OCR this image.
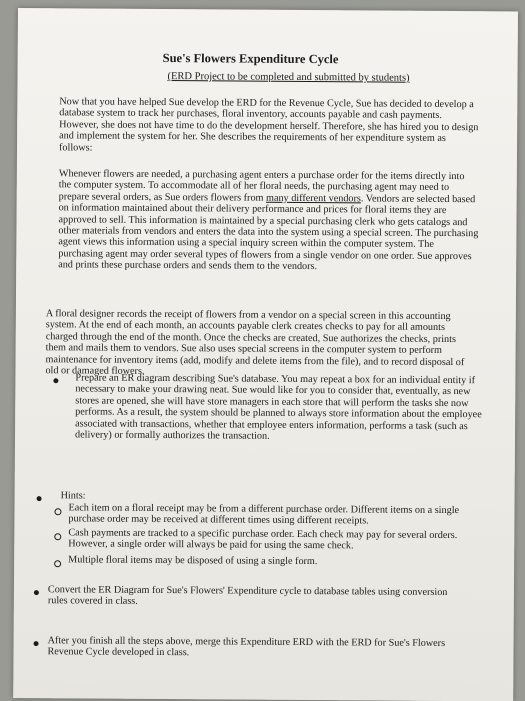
Sue's Flowers Expenditure Cycle
(ERD Project to be completed and submitted by students)

Now that you have helped Sue develop the ERD for the Revenue Cycle, Sue has decided to develop a database system to track her purchases, floral inventory, accounts payable and cash payments. However, she does not have time to do the development herself. Therefore, she has hired you to design and implement the system for her. She describes the requirements of her expenditure system as follows:

Whenever flowers are needed, a purchasing agent enters a purchase order for the items directly into the computer system. To accommodate all of her floral needs, the purchasing agent may need to prepare several orders, as Sue orders flowers from many different vendors. Vendors are selected based on information maintained about their delivery performance and prices for floral items they are approved to sell. This information is maintained by a special purchasing clerk who gets catalogs and other materials from vendors and enters the data into the system using a special screen. The purchasing agent views this information using a special inquiry screen within the computer system. The purchasing agent may order several types of flowers from a single vendor on one order. Sue approves and prints these purchase orders and sends them to the vendors.

A floral designer records the receipt of flowers from a vendor on a special screen in this accounting system. At the end of each month, an accounts payable clerk creates checks to pay for all amounts charged through the end of the month. Once the checks are created, Sue authorizes the checks, prints them and mails them to vendors. Sue also uses special screens in the computer system to perform maintenance for inventory items (add, modify and delete items from the file), and to record disposal of old or damaged flowers.

Prepare an ER diagram describing Sue's database. You may repeat a box for an individual entity if necessary to make your drawing neat. Sue would like for you to consider that, eventually, as new stores are opened, she will have store managers in each store that will perform the tasks she now performs. As a result, the system should be planned to always store information about the employee associated with transactions, whether that employee enters information, performs a task (such as delivery) or formally authorizes the transaction.

Hints:

Each item on a floral receipt may be from a different purchase order. Different items on a single purchase order may be received at different times using different receipts.

Cash payments are tracked to a specific purchase order. Each check may pay for several orders. However, a single order will always be paid for using the same check.

Multiple floral items may be disposed of using a single form.

Convert the ER Diagram for Sue's Flowers' Expenditure cycle to database tables using conversion rules covered in class.

After you finish all the steps above, merge this Expenditure ERD with the ERD for Sue's Flowers Revenue Cycle developed in class.
